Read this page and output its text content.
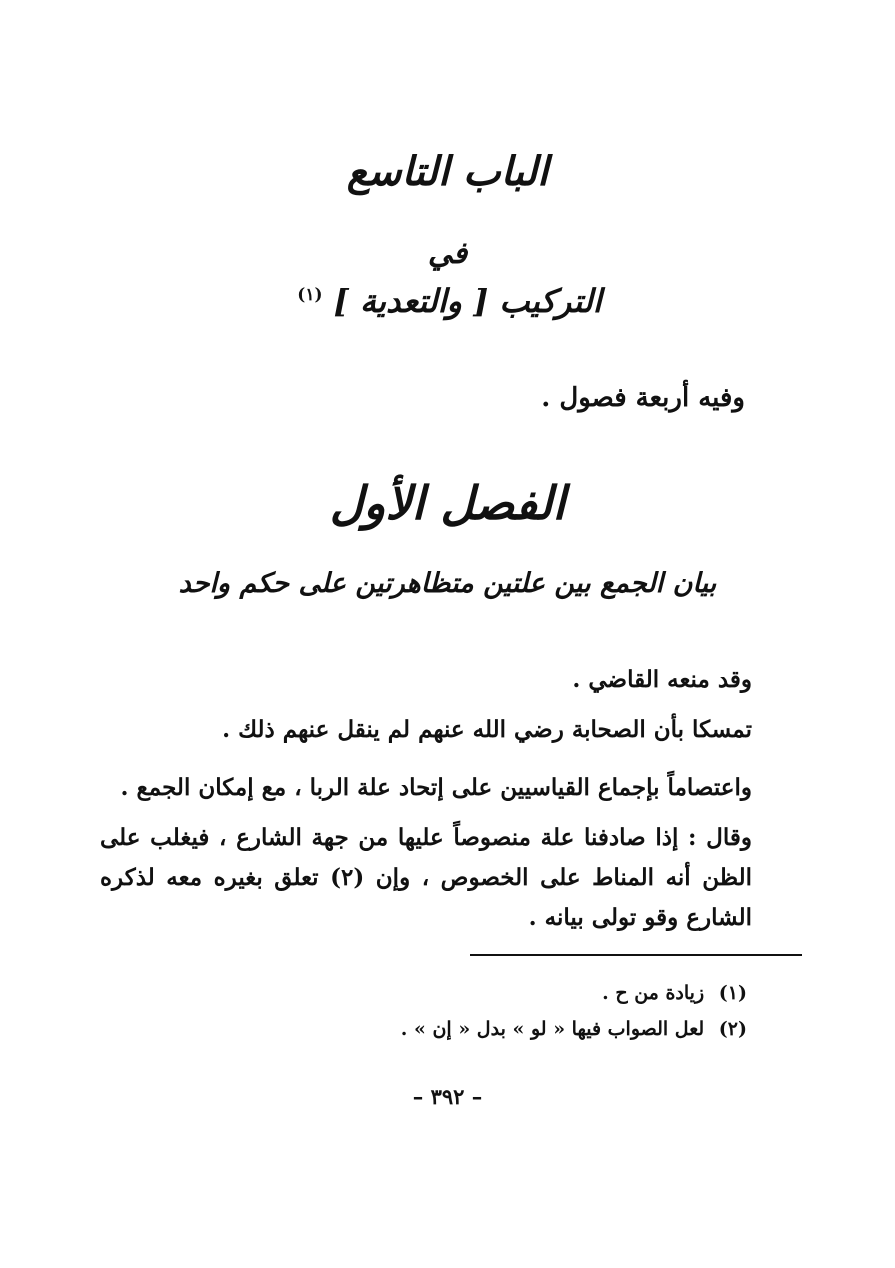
الباب التاسع
في
التركيب [ والتعدية ] $^{(١)}$
وفيه أربعة فصول .
الفصل الأول
بيان الجمع بين علتين متظاهرتين على حكم واحد
وقد منعه القاضي .
تمسكا بأن الصحابة رضي الله عنهم لم ينقل عنهم ذلك .
واعتصاماً بإجماع القياسيين على إتحاد علة الربا ، مع إمكان الجمع .
وقال : إذا صادفنا علة منصوصاً عليها من جهة الشارع ، فيغلب على الظن أنه المناط على الخصوص ، وإن (٢) تعلق بغيره معه لذكره الشارع وقو تولى بيانه .
(١) زيادة من ح .
(٢) لعل الصواب فيها « لو » بدل « إن » .
– ٣٩٢ –
